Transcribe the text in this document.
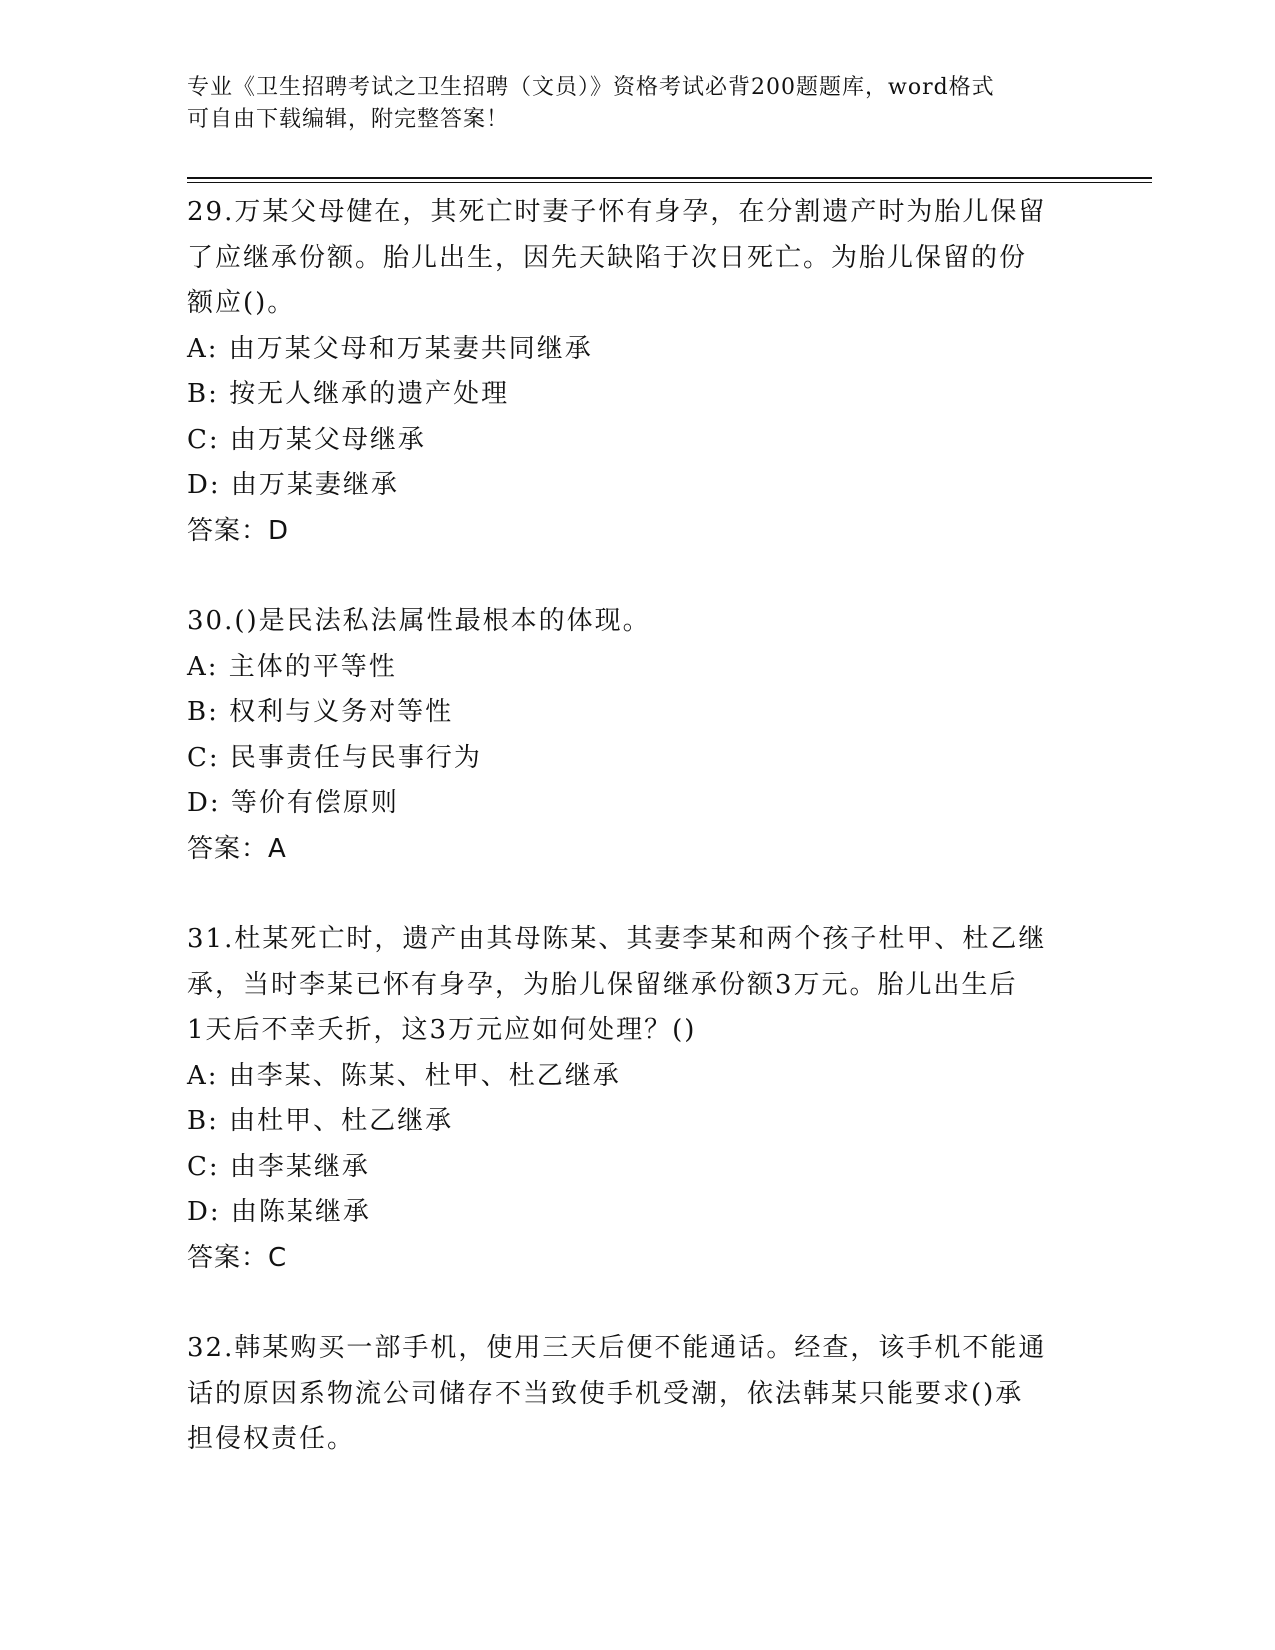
专业《卫生招聘考试之卫生招聘（文员）》资格考试必背200题题库，word格式
可自由下载编辑，附完整答案！

29.万某父母健在，其死亡时妻子怀有身孕，在分割遗产时为胎儿保留

了应继承份额。胎儿出生，因先天缺陷于次日死亡。为胎儿保留的份

额应()。

A: 由万某父母和万某妻共同继承

B: 按无人继承的遗产处理

C: 由万某父母继承

D: 由万某妻继承

答案：D

30.()是民法私法属性最根本的体现。

A: 主体的平等性

B: 权利与义务对等性

C: 民事责任与民事行为

D: 等价有偿原则

答案：A

31.杜某死亡时，遗产由其母陈某、其妻李某和两个孩子杜甲、杜乙继

承，当时李某已怀有身孕，为胎儿保留继承份额3万元。胎儿出生后

1天后不幸夭折，这3万元应如何处理？()

A: 由李某、陈某、杜甲、杜乙继承

B: 由杜甲、杜乙继承

C: 由李某继承

D: 由陈某继承

答案：C

32.韩某购买一部手机，使用三天后便不能通话。经查，该手机不能通

话的原因系物流公司储存不当致使手机受潮，依法韩某只能要求()承

担侵权责任。
